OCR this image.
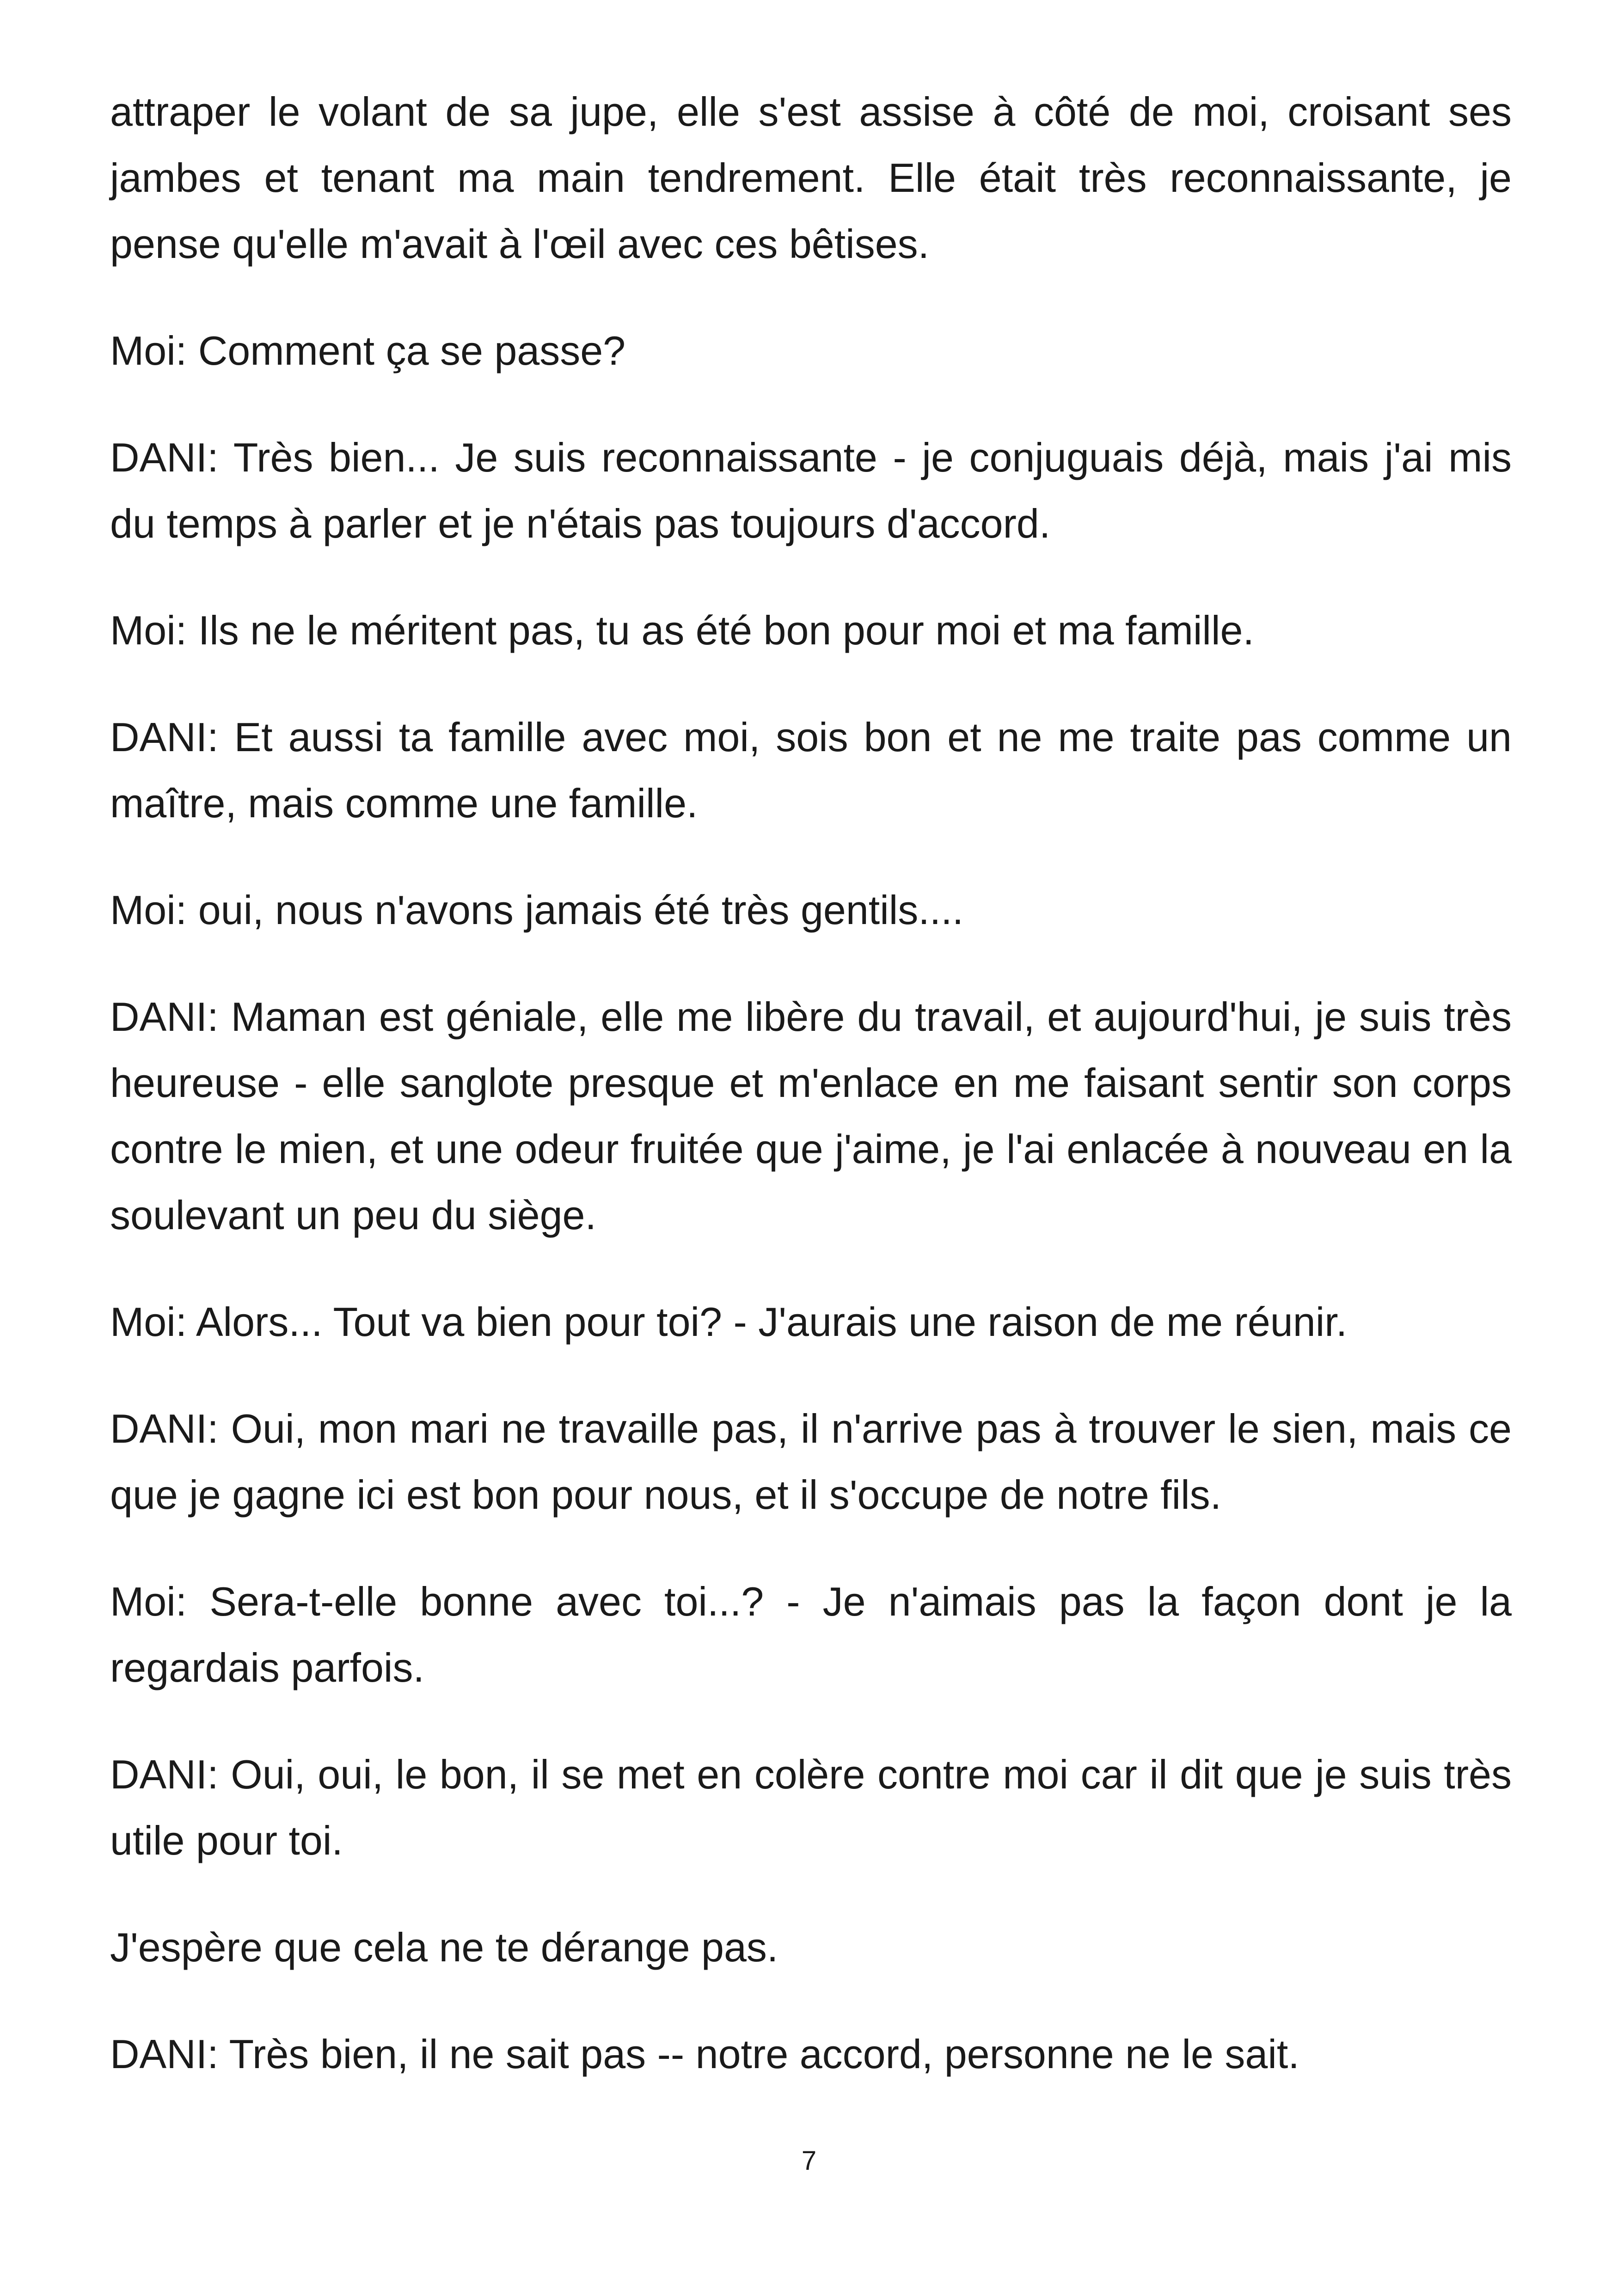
attraper le volant de sa jupe, elle s'est assise à côté de moi, croisant ses jambes et tenant ma main tendrement. Elle était très reconnaissante, je pense qu'elle m'avait à l'œil avec ces bêtises.

Moi: Comment ça se passe?

DANI: Très bien... Je suis reconnaissante - je conjuguais déjà, mais j'ai mis du temps à parler et je n'étais pas toujours d'accord.

Moi: Ils ne le méritent pas, tu as été bon pour moi et ma famille.

DANI: Et aussi ta famille avec moi, sois bon et ne me traite pas comme un maître, mais comme une famille.

Moi: oui, nous n'avons jamais été très gentils....

DANI: Maman est géniale, elle me libère du travail, et aujourd'hui, je suis très heureuse - elle sanglote presque et m'enlace en me faisant sentir son corps contre le mien, et une odeur fruitée que j'aime, je l'ai enlacée à nouveau en la soulevant un peu du siège.

Moi: Alors... Tout va bien pour toi? - J'aurais une raison de me réunir.

DANI: Oui, mon mari ne travaille pas, il n'arrive pas à trouver le sien, mais ce que je gagne ici est bon pour nous, et il s'occupe de notre fils.

Moi: Sera-t-elle bonne avec toi...? - Je n'aimais pas la façon dont je la regardais parfois.

DANI: Oui, oui, le bon, il se met en colère contre moi car il dit que je suis très utile pour toi.

J'espère que cela ne te dérange pas.

DANI: Très bien, il ne sait pas -- notre accord, personne ne le sait.

7
